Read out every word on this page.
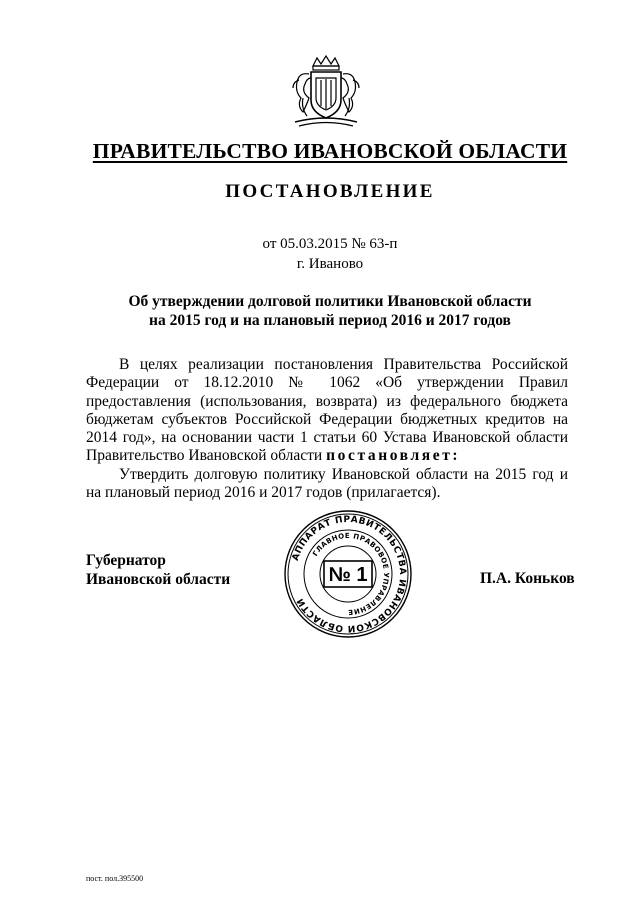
ПРАВИТЕЛЬСТВО ИВАНОВСКОЙ ОБЛАСТИ
ПОСТАНОВЛЕНИЕ
от 05.03.2015 № 63-п
г. Иваново
Об утверждении долговой политики Ивановской области
на 2015 год и на плановый период 2016 и 2017 годов

В целях реализации постановления Правительства Российской Федерации от 18.12.2010 № 1062 «Об утверждении Правил предоставления (использования, возврата) из федерального бюджета бюджетам субъектов Российской Федерации бюджетных кредитов на 2014 год», на основании части 1 статьи 60 Устава Ивановской области Правительство Ивановской области постановляет:

Утвердить долговую политику Ивановской области на 2015 год и на плановый период 2016 и 2017 годов (прилагается).

Губернатор
Ивановской области	П.А. Коньков
АППАРАТ ПРАВИТЕЛЬСТВА ИВАНОВСКОЙ ОБЛАСТИ
ГЛАВНОЕ ПРАВОВОЕ УПРАВЛЕНИЕ
№ 1
пост. пол.395500
